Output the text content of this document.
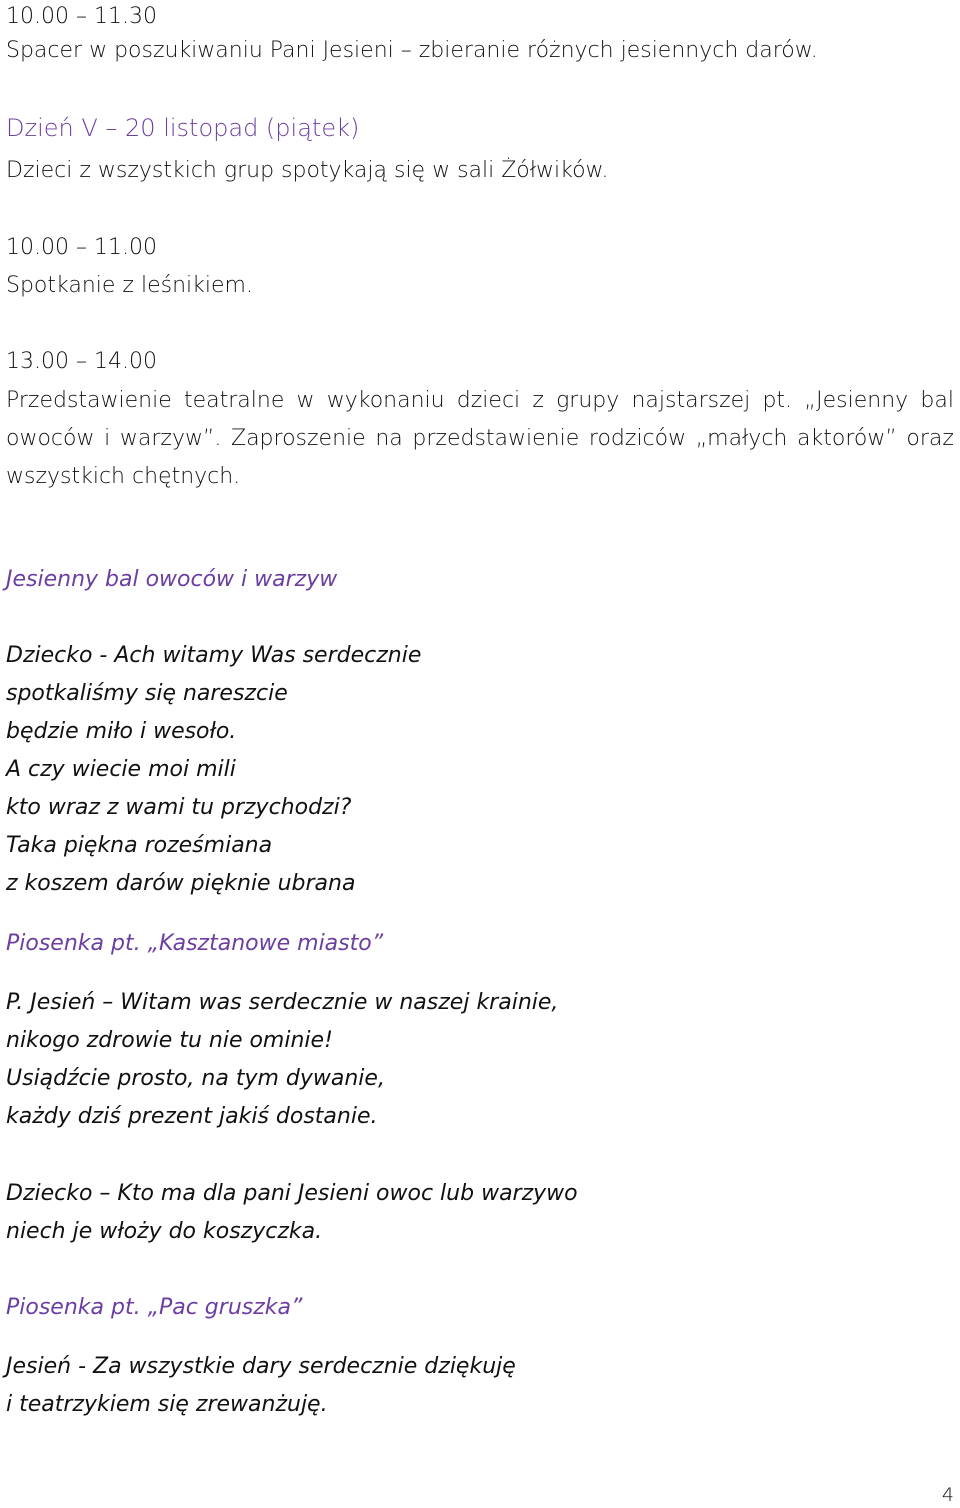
10.00 – 11.30

Spacer w poszukiwaniu Pani Jesieni – zbieranie różnych jesiennych darów.

Dzień V – 20 listopad (piątek)

Dzieci z wszystkich grup spotykają się w sali Żółwików.

10.00 – 11.00

Spotkanie z leśnikiem.

13.00 – 14.00

Przedstawienie teatralne w wykonaniu dzieci z grupy najstarszej pt. „Jesienny bal

owoców i warzyw”. Zaproszenie na przedstawienie rodziców „małych aktorów” oraz

wszystkich chętnych.

Jesienny bal owoców i warzyw

Dziecko - Ach witamy Was serdecznie

spotkaliśmy się nareszcie

będzie miło i wesoło.

A czy wiecie moi mili

kto wraz z wami tu przychodzi?

Taka piękna roześmiana

z koszem darów pięknie ubrana

Piosenka pt. „Kasztanowe miasto”

P. Jesień – Witam was serdecznie w naszej krainie,

nikogo zdrowie tu nie ominie!

Usiądźcie prosto, na tym dywanie,

każdy dziś prezent jakiś dostanie.

Dziecko – Kto ma dla pani Jesieni owoc lub warzywo

niech je włoży do koszyczka.

Piosenka pt. „Pac gruszka”

Jesień - Za wszystkie dary serdecznie dziękuję

i teatrzykiem się zrewanżuję.

4
